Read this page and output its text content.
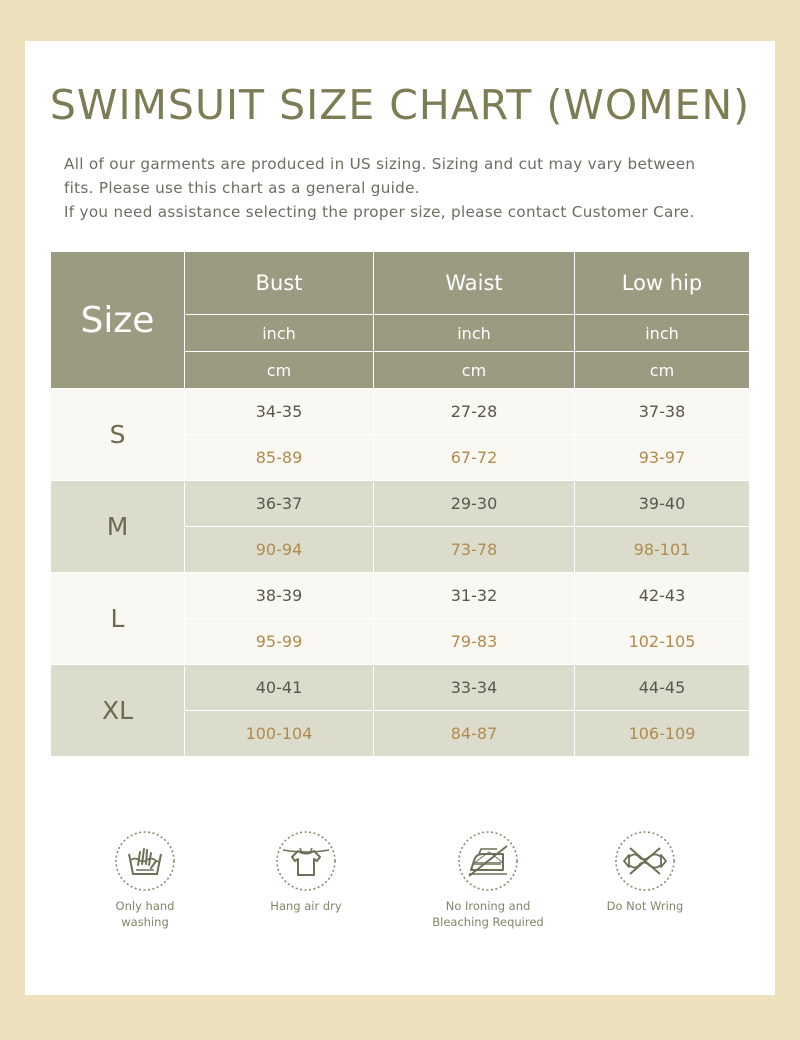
SWIMSUIT SIZE CHART (WOMEN)
All of our garments are produced in US sizing. Sizing and cut may vary between
fits. Please use this chart as a general guide.
If you need assistance selecting the proper size, please contact Customer Care.
Size	Bust	Waist	Low hip
	inch	inch	inch
	cm	cm	cm
S	34-35	27-28	37-38
	85-89	67-72	93-97
M	36-37	29-30	39-40
	90-94	73-78	98-101
L	38-39	31-32	42-43
	95-99	79-83	102-105
XL	40-41	33-34	44-45
	100-104	84-87	106-109
Only hand
washing
Hang air dry	No Ironing and
Bleaching Required
Do Not Wring
